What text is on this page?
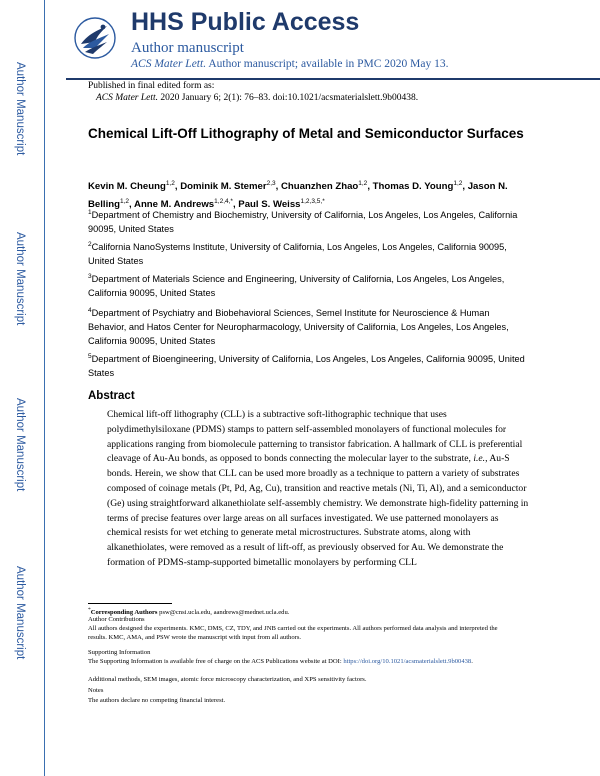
Author Manuscript
Author Manuscript
Author Manuscript
Author Manuscript
HHS Public Access
Author manuscript
ACS Mater Lett. Author manuscript; available in PMC 2020 May 13.
Published in final edited form as:
ACS Mater Lett. 2020 January 6; 2(1): 76–83. doi:10.1021/acsmaterialslett.9b00438.
Chemical Lift-Off Lithography of Metal and Semiconductor Surfaces
Kevin M. Cheung$^{1,2}$, Dominik M. Stemer$^{2,3}$, Chuanzhen Zhao$^{1,2}$, Thomas D. Young$^{1,2}$, Jason N. Belling$^{1,2}$, Anne M. Andrews$^{1,2,4,*}$, Paul S. Weiss$^{1,2,3,5,*}$
$^1$Department of Chemistry and Biochemistry, University of California, Los Angeles, Los Angeles, California 90095, United States
$^2$California NanoSystems Institute, University of California, Los Angeles, Los Angeles, California 90095, United States
$^3$Department of Materials Science and Engineering, University of California, Los Angeles, Los Angeles, California 90095, United States
$^4$Department of Psychiatry and Biobehavioral Sciences, Semel Institute for Neuroscience & Human Behavior, and Hatos Center for Neuropharmacology, University of California, Los Angeles, Los Angeles, California 90095, United States
$^5$Department of Bioengineering, University of California, Los Angeles, Los Angeles, California 90095, United States
Abstract
Chemical lift-off lithography (CLL) is a subtractive soft-lithographic technique that uses polydimethylsiloxane (PDMS) stamps to pattern self-assembled monolayers of functional molecules for applications ranging from biomolecule patterning to transistor fabrication. A hallmark of CLL is preferential cleavage of Au-Au bonds, as opposed to bonds connecting the molecular layer to the substrate, i.e., Au-S bonds. Herein, we show that CLL can be used more broadly as a technique to pattern a variety of substrates composed of coinage metals (Pt, Pd, Ag, Cu), transition and reactive metals (Ni, Ti, Al), and a semiconductor (Ge) using straightforward alkanethiolate self-assembly chemistry. We demonstrate high-fidelity patterning in terms of precise features over large areas on all surfaces investigated. We use patterned monolayers as chemical resists for wet etching to generate metal microstructures. Substrate atoms, along with alkanethiolates, were removed as a result of lift-off, as previously observed for Au. We demonstrate the formation of PDMS-stamp-supported bimetallic monolayers by performing CLL
*Corresponding Authors psw@cnsi.ucla.edu, aandrews@mednet.ucla.edu.
Author Contributions
All authors designed the experiments. KMC, DMS, CZ, TDY, and JNB carried out the experiments. All authors performed data analysis and interpreted the results. KMC, AMA, and PSW wrote the manuscript with input from all authors.
Supporting Information
The Supporting Information is available free of charge on the ACS Publications website at DOI: https://doi.org/10.1021/acsmaterialslett.9b00438.
Additional methods, SEM images, atomic force microscopy characterization, and XPS sensitivity factors.
Notes
The authors declare no competing financial interest.
